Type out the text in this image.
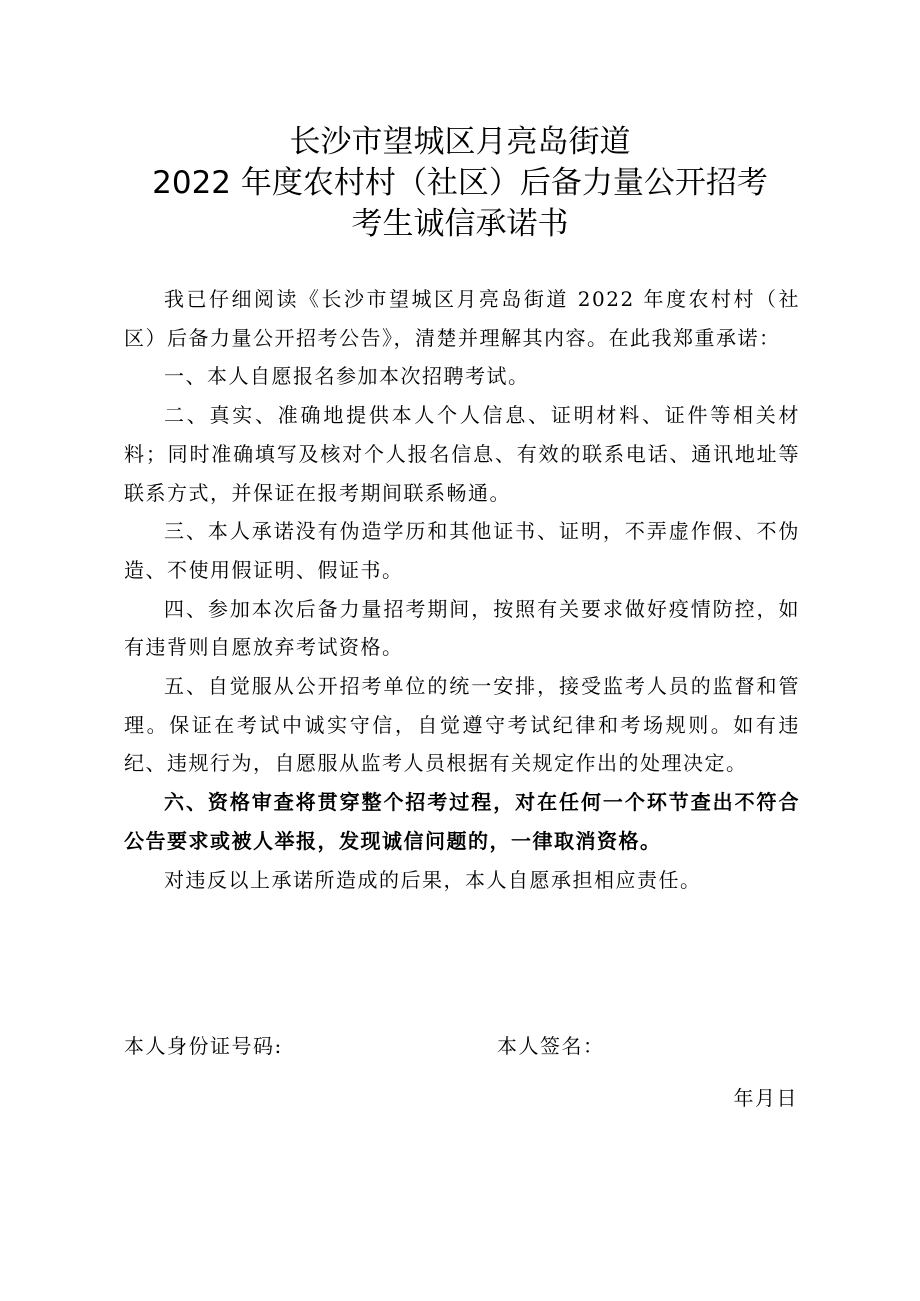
长沙市望城区月亮岛街道
2022 年度农村村（社区）后备力量公开招考
考生诚信承诺书

我已仔细阅读《长沙市望城区月亮岛街道 2022 年度农村村（社区）后备力量公开招考公告》，清楚并理解其内容。在此我郑重承诺：

一、本人自愿报名参加本次招聘考试。

二、真实、准确地提供本人个人信息、证明材料、证件等相关材料；同时准确填写及核对个人报名信息、有效的联系电话、通讯地址等联系方式，并保证在报考期间联系畅通。

三、本人承诺没有伪造学历和其他证书、证明，不弄虚作假、不伪造、不使用假证明、假证书。

四、参加本次后备力量招考期间，按照有关要求做好疫情防控，如有违背则自愿放弃考试资格。

五、自觉服从公开招考单位的统一安排，接受监考人员的监督和管理。保证在考试中诚实守信，自觉遵守考试纪律和考场规则。如有违纪、违规行为，自愿服从监考人员根据有关规定作出的处理决定。

六、资格审查将贯穿整个招考过程，对在任何一个环节查出不符合公告要求或被人举报，发现诚信问题的，一律取消资格。

对违反以上承诺所造成的后果，本人自愿承担相应责任。

本人身份证号码:	本人签名：
年月日
